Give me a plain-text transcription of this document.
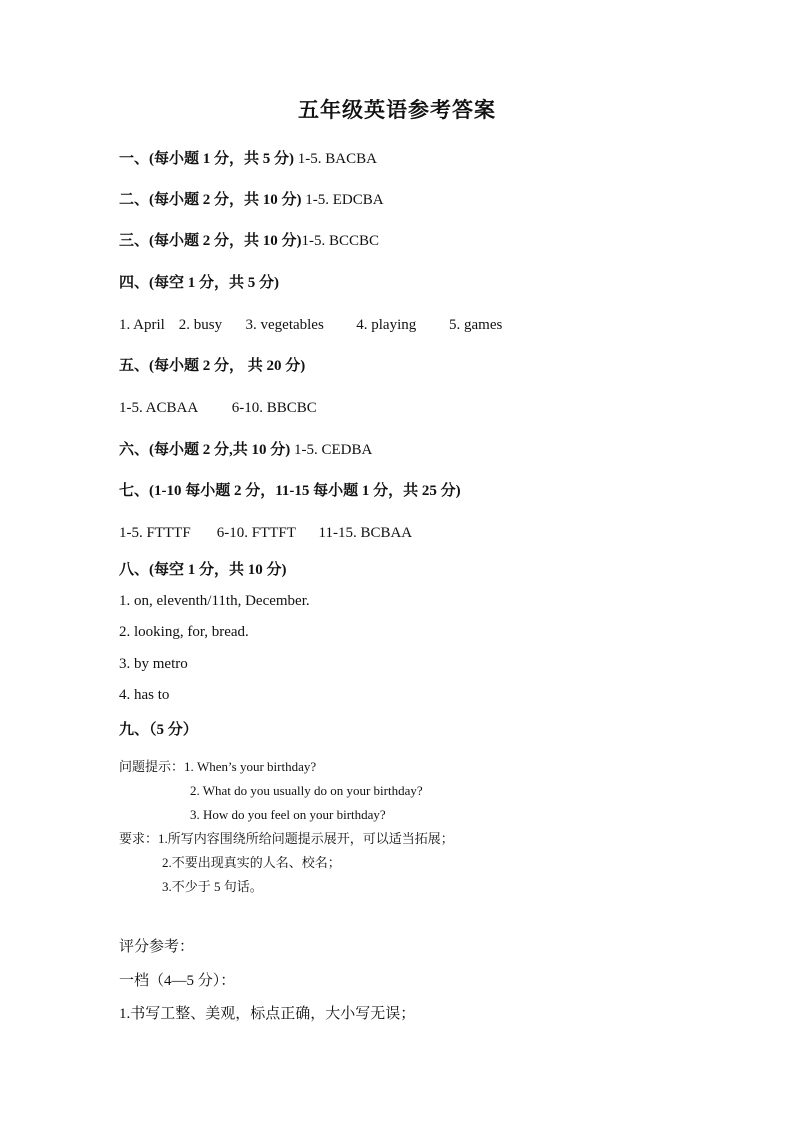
五年级英语参考答案
一、(每小题 1 分，共 5 分) 1-5. BACBA
二、(每小题 2 分，共 10 分) 1-5. EDCBA
三、(每小题 2 分，共 10 分)1-5. BCCBC
四、(每空 1 分，共 5 分)
1. April 2. busy 3. vegetables 4. playing 5. games
五、(每小题 2 分， 共 20 分)
1-5. ACBAA 6-10. BBCBC
六、(每小题 2 分,共 10 分) 1-5. CEDBA
七、(1-10 每小题 2 分，11-15 每小题 1 分，共 25 分)
1-5. FTTTF 6-10. FTTFT 11-15. BCBAA
八、(每空 1 分，共 10 分)
1. on, eleventh/11th, December.
2. looking, for, bread.
3. by metro
4. has to
九、（5 分）
问题提示：1. When’s your birthday?
2. What do you usually do on your birthday?
3. How do you feel on your birthday?
要求：1.所写内容围绕所给问题提示展开，可以适当拓展；
2.不要出现真实的人名、校名；
3.不少于 5 句话。
评分参考：
一档（4—5 分）：
1.书写工整、美观，标点正确，大小写无误；
